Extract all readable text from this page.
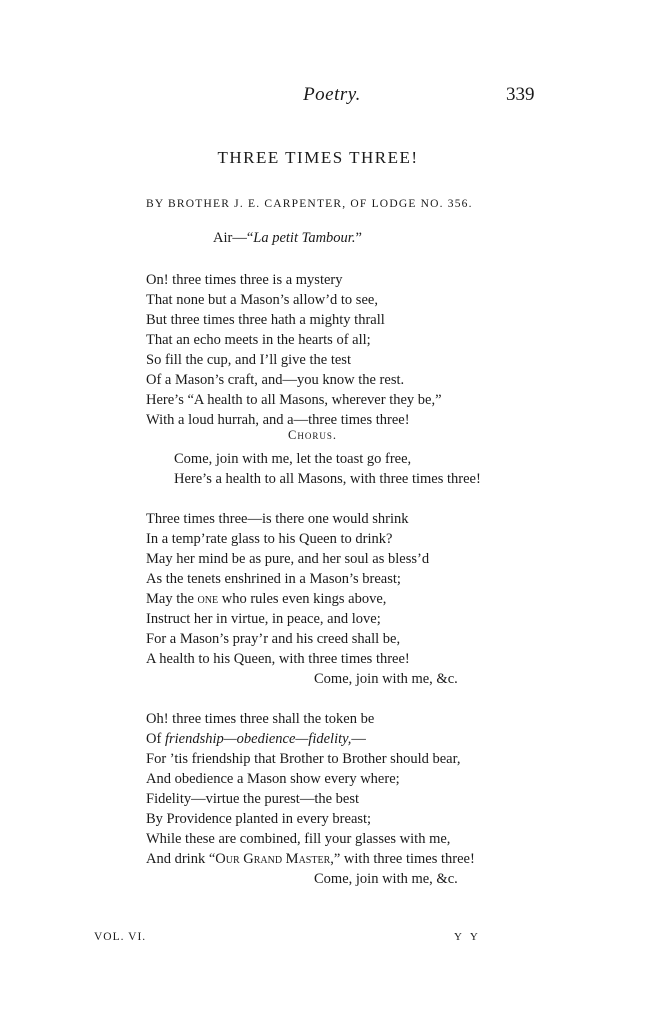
Poetry.	339
THREE TIMES THREE!
BY BROTHER J. E. CARPENTER, OF LODGE NO. 356.
Air—“La petit Tambour.”
On! three times three is a mystery
That none but a Mason’s allow’d to see,
But three times three hath a mighty thrall
That an echo meets in the hearts of all;
So fill the cup, and I’ll give the test
Of a Mason’s craft, and—you know the rest.
Here’s “A health to all Masons, wherever they be,”
With a loud hurrah, and a—three times three!
Chorus.
Come, join with me, let the toast go free,
Here’s a health to all Masons, with three times three!
Three times three—is there one would shrink
In a temp’rate glass to his Queen to drink?
May her mind be as pure, and her soul as bless’d
As the tenets enshrined in a Mason’s breast;
May the one who rules even kings above,
Instruct her in virtue, in peace, and love;
For a Mason’s pray’r and his creed shall be,
A health to his Queen, with three times three!
Come, join with me, &c.
Oh! three times three shall the token be
Of friendship—obedience—fidelity,—
For ’tis friendship that Brother to Brother should bear,
And obedience a Mason show every where;
Fidelity—virtue the purest—the best
By Providence planted in every breast;
While these are combined, fill your glasses with me,
And drink “Our Grand Master,” with three times three!
Come, join with me, &c.
VOL. VI.	Y Y
